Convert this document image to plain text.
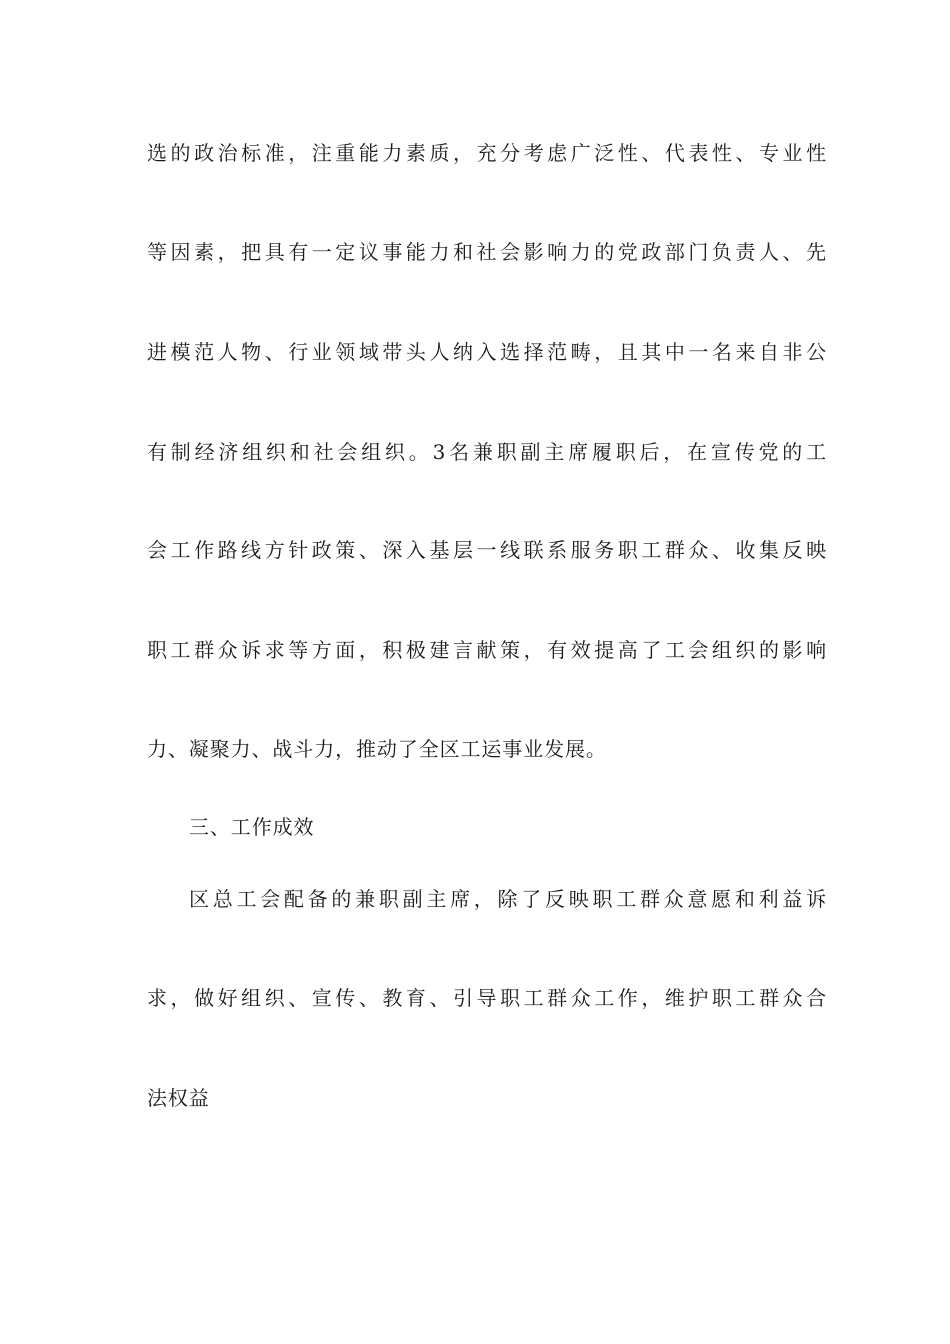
选的政治标准，注重能力素质，充分考虑广泛性、代表性、专业性
等因素，把具有一定议事能力和社会影响力的党政部门负责人、先
进模范人物、行业领域带头人纳入选择范畴，且其中一名来自非公
有制经济组织和社会组织。3名兼职副主席履职后，在宣传党的工
会工作路线方针政策、深入基层一线联系服务职工群众、收集反映
职工群众诉求等方面，积极建言献策，有效提高了工会组织的影响
力、凝聚力、战斗力，推动了全区工运事业发展。
三、工作成效
区总工会配备的兼职副主席，除了反映职工群众意愿和利益诉
求，做好组织、宣传、教育、引导职工群众工作，维护职工群众合
法权益
